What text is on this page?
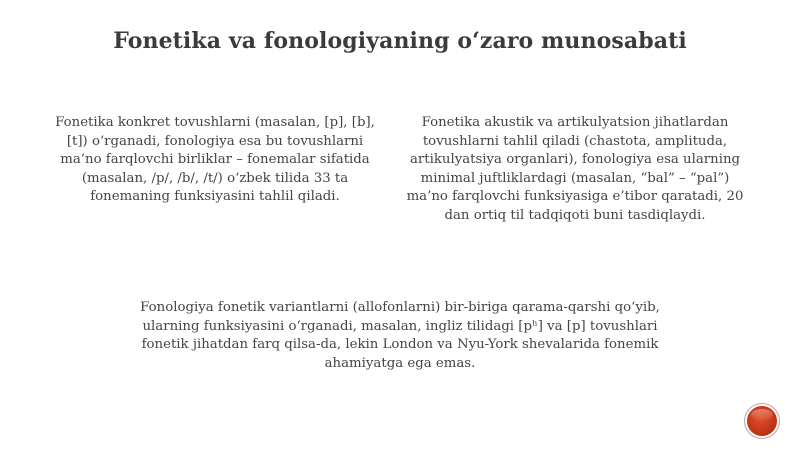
Fonetika va fonologiyaning oʻzaro munosabati

Fonetika konkret tovushlarni (masalan, [p], [b], [t]) oʻrganadi, fonologiya esa bu tovushlarni ma’no farqlovchi birliklar – fonemalar sifatida (masalan, /p/, /b/, /t/) oʻzbek tilida 33 ta fonemaning funksiyasini tahlil qiladi.

Fonetika akustik va artikulyatsion jihatlardan tovushlarni tahlil qiladi (chastota, amplituda, artikulyatsiya organlari), fonologiya esa ularning minimal juftliklardagi (masalan, “bal” – “pal”) ma’no farqlovchi funksiyasiga e’tibor qaratadi, 20 dan ortiq til tadqiqoti buni tasdiqlaydi.

Fonologiya fonetik variantlarni (allofonlarni) bir-biriga qarama-qarshi qoʻyib, ularning funksiyasini oʻrganadi, masalan, ingliz tilidagi [pʰ] va [p] tovushlari fonetik jihatdan farq qilsa-da, lekin London va Nyu-York shevalarida fonemik ahamiyatga ega emas.
